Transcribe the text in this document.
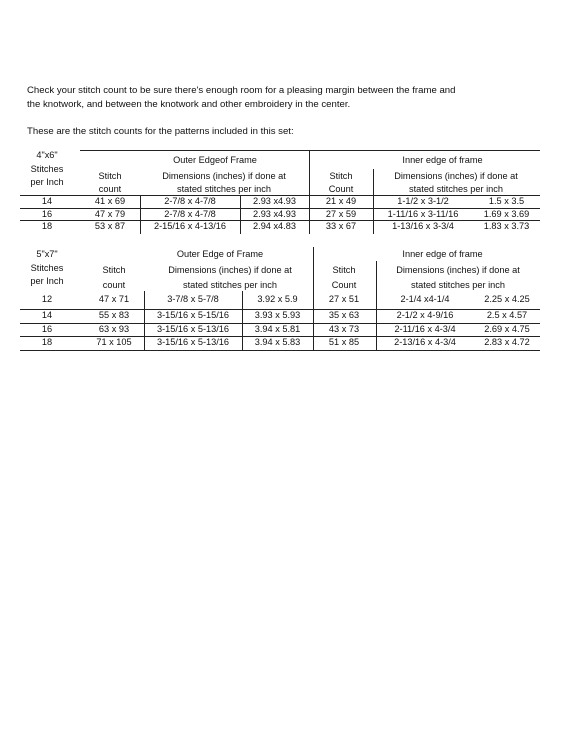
Check your stitch count to be sure there's enough room for a pleasing margin between the frame and

the knotwork, and between the knotwork and other embroidery in the center.

These are the stitch counts for the patterns included in this set:

4"x6"
Stitches
per Inch
Outer Edgeof Frame	Inner edge of frame
Stitch
count
Dimensions (inches) if done at
stated stitches per inch
Stitch
Count
Dimensions (inches) if done at
stated stitches per inch
14	41 x 69	2-7/8 x 4-7/8	2.93 x4.93	21 x 49	1-1/2 x 3-1/2	1.5 x 3.5
16	47 x 79	2-7/8 x 4-7/8	2.93 x4.93	27 x 59	1-11/16 x 3-11/16	1.69 x 3.69
18	53 x 87	2-15/16 x 4-13/16	2.94 x4.83	33 x 67	1-13/16 x 3-3/4	1.83 x 3.73
5"x7"
Stitches
per Inch
Outer Edge of Frame	Inner edge of frame
Stitch
count
Dimensions (inches) if done at
stated stitches per inch
Stitch
Count
Dimensions (inches) if done at
stated stitches per inch
12	47 x 71	3-7/8 x 5-7/8	3.92 x 5.9	27 x 51	2-1/4 x4-1/4	2.25 x 4.25
14	55 x 83	3-15/16 x 5-15/16	3.93 x 5.93	35 x 63	2-1/2 x 4-9/16	2.5 x 4.57
16	63 x 93	3-15/16 x 5-13/16	3.94 x 5.81	43 x 73	2-11/16 x 4-3/4	2.69 x 4.75
18	71 x 105	3-15/16 x 5-13/16	3.94 x 5.83	51 x 85	2-13/16 x 4-3/4	2.83 x 4.72
